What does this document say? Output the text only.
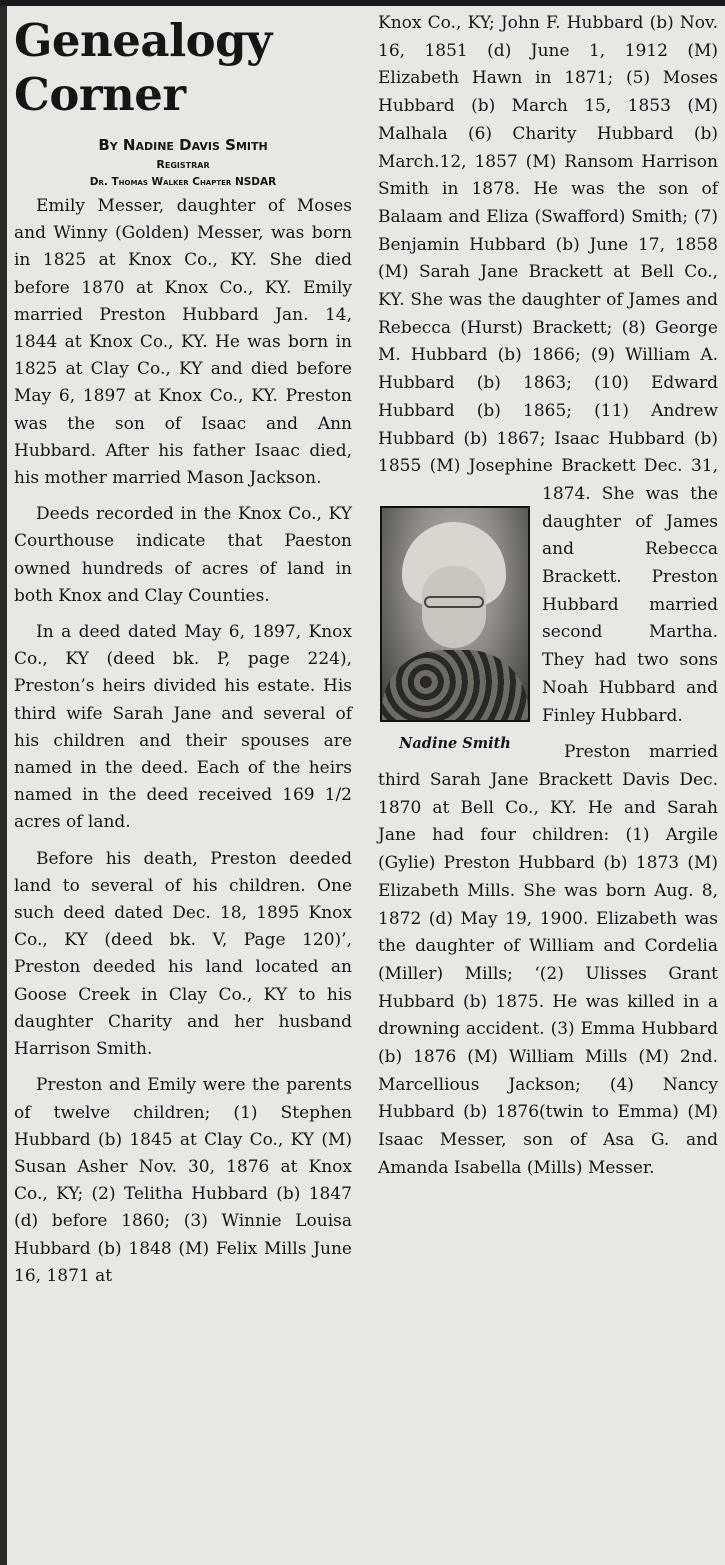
Genealogy
Corner
By Nadine Davis Smith
Registrar
Dr. Thomas Walker Chapter NSDAR

Emily Messer, daughter of Moses and Winny (Golden) Messer, was born in 1825 at Knox Co., KY. She died before 1870 at Knox Co., KY. Emily married Preston Hubbard Jan. 14, 1844 at Knox Co., KY. He was born in 1825 at Clay Co., KY and died before May 6, 1897 at Knox Co., KY. Preston was the son of Isaac and Ann Hubbard. After his father Isaac died, his mother married Mason Jackson.

Deeds recorded in the Knox Co., KY Courthouse indicate that Paeston owned hundreds of acres of land in both Knox and Clay Counties.

In a deed dated May 6, 1897, Knox Co., KY (deed bk. P, page 224), Preston’s heirs divided his estate. His third wife Sarah Jane and several of his children and their spouses are named in the deed. Each of the heirs named in the deed received 169 1/2 acres of land.

Before his death, Preston deeded land to several of his children. One such deed dated Dec. 18, 1895 Knox Co., KY (deed bk. V, Page 120)’, Preston deeded his land located an Goose Creek in Clay Co., KY to his daughter Charity and her husband Harrison Smith.

Preston and Emily were the parents of twelve children; (1) Stephen Hubbard (b) 1845 at Clay Co., KY (M) Susan Asher Nov. 30, 1876 at Knox Co., KY; (2) Telitha Hubbard (b) 1847 (d) before 1860; (3) Winnie Louisa Hubbard (b) 1848 (M) Felix Mills June 16, 1871 at

Nadine Smith
Knox Co., KY; John F. Hubbard (b) Nov. 16, 1851 (d) June 1, 1912 (M) Elizabeth Hawn in 1871; (5) Moses Hubbard (b) March 15, 1853 (M) Malhala (6) Charity Hubbard (b) March.12, 1857 (M) Ransom Harrison Smith in 1878. He was the son of Balaam and Eliza (Swafford) Smith; (7) Benjamin Hubbard (b) June 17, 1858 (M) Sarah Jane Brackett at Bell Co., KY. She was the daughter of James and Rebecca (Hurst) Brackett; (8) George M. Hubbard (b) 1866; (9) William A. Hubbard (b) 1863; (10) Edward Hubbard (b) 1865; (11) Andrew Hubbard (b) 1867; Isaac Hubbard (b) 1855 (M) Josephine Brackett Dec. 31, 1874. She was the daughter of James and Rebecca Brackett. Preston Hubbard married second Martha. They had two sons Noah Hubbard and Finley Hubbard.

Preston married third Sarah Jane Brackett Davis Dec. 1870 at Bell Co., KY. He and Sarah Jane had four children: (1) Argile (Gylie) Preston Hubbard (b) 1873 (M) Elizabeth Mills. She was born Aug. 8, 1872 (d) May 19, 1900. Elizabeth was the daughter of William and Cordelia (Miller) Mills; ‘(2) Ulisses Grant Hubbard (b) 1875. He was killed in a drowning accident. (3) Emma Hubbard (b) 1876 (M) William Mills (M) 2nd. Marcellious Jackson; (4) Nancy Hubbard (b) 1876(twin to Emma) (M) Isaac Messer, son of Asa G. and Amanda Isabella (Mills) Messer.
